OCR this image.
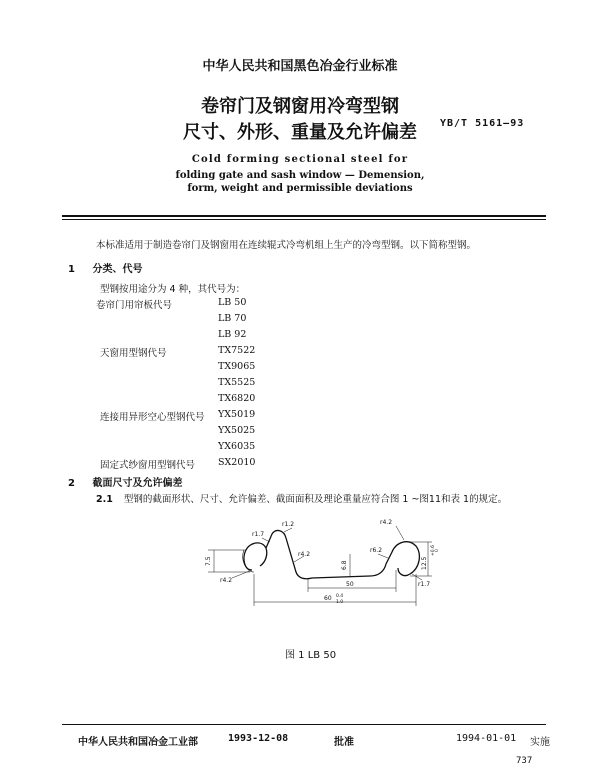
中华人民共和国黑色冶金行业标准
卷帘门及钢窗用冷弯型钢
尺寸、外形、重量及允许偏差	YB/T 5161—93
Cold forming sectional steel for
folding gate and sash window — Demension,
form, weight and permissible deviations
本标准适用于制造卷帘门及钢窗用在连续辊式冷弯机组上生产的冷弯型钢。以下简称型钢。
1 分类、代号
型钢按用途分为 4 种，其代号为：
卷帘门用帘板代号	LB 50
LB 70
LB 92
天窗用型钢代号	TX7522
TX9065
TX5525
TX6820
连接用异形空心型钢代号 YX5019
YX5025
YX6035
固定式纱窗用型钢代号 SX2010
2 截面尺寸及允许偏差
2.1 型钢的截面形状、尺寸、允许偏差、截面面积及理论重量应符合图 1 ~图11和表 1的规定。
r1.7
r1.2
r4.2
r4.2
r4.2
r6.2
r1.7
6.8
7.5
50
60 0.4
1.0
12.5
+0.6 0
图 1 LB 50
中华人民共和国冶金工业部	1993-12-08	批准	1994-01-01 实施
737
